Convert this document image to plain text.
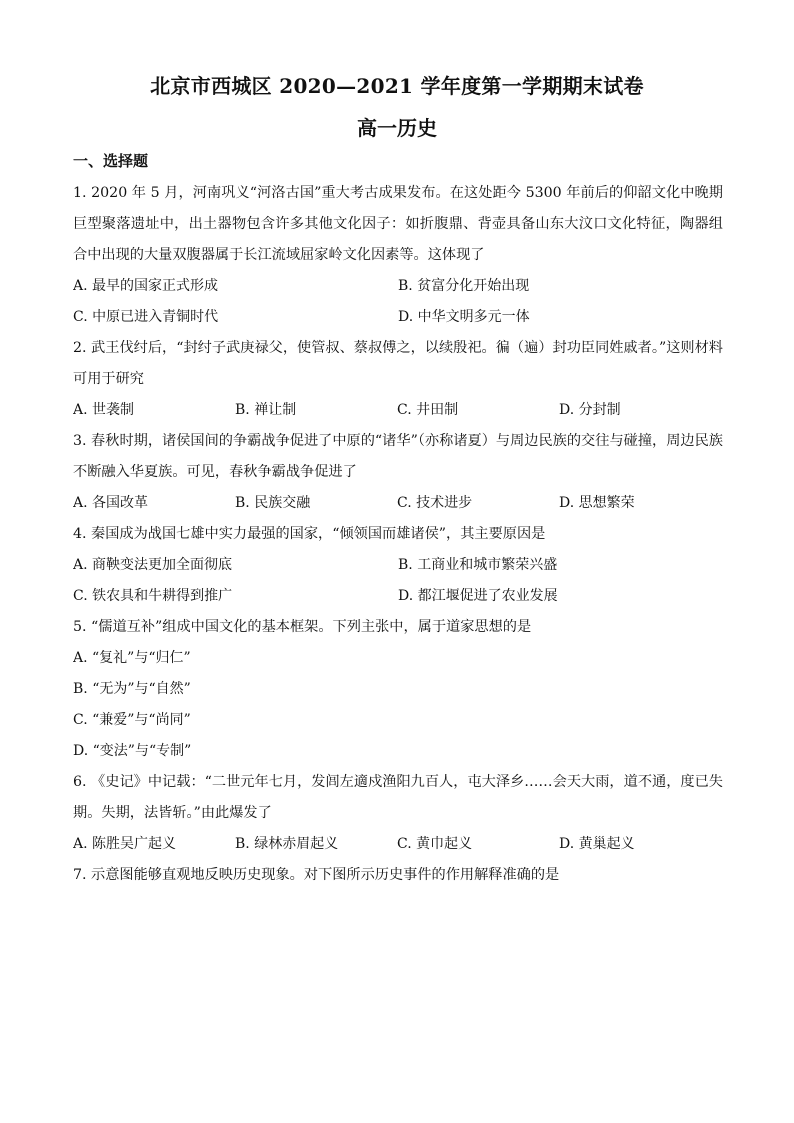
北京市西城区 2020—2021 学年度第一学期期末试卷
高一历史
一、选择题

1. 2020 年 5 月，河南巩义“河洛古国”重大考古成果发布。在这处距今 5300 年前后的仰韶文化中晚期巨型聚落遗址中，出土器物包含许多其他文化因子：如折腹鼎、背壶具备山东大汶口文化特征，陶器组合中出现的大量双腹器属于长江流域屈家岭文化因素等。这体现了

A. 最早的国家正式形成	B. 贫富分化开始出现
C. 中原已进入青铜时代	D. 中华文明多元一体

2. 武王伐纣后，“封纣子武庚禄父，使管叔、蔡叔傅之，以续殷祀。徧（遍）封功臣同姓戚者。”这则材料可用于研究

A. 世袭制	B. 禅让制	C. 井田制	D. 分封制

3. 春秋时期，诸侯国间的争霸战争促进了中原的“诸华”（亦称诸夏）与周边民族的交往与碰撞，周边民族不断融入华夏族。可见，春秋争霸战争促进了

A. 各国改革	B. 民族交融	C. 技术进步	D. 思想繁荣

4. 秦国成为战国七雄中实力最强的国家，“倾领国而雄诸侯”，其主要原因是

A. 商鞅变法更加全面彻底	B. 工商业和城市繁荣兴盛
C. 铁农具和牛耕得到推广	D. 都江堰促进了农业发展

5. “儒道互补”组成中国文化的基本框架。下列主张中，属于道家思想的是

A. “复礼”与“归仁”
B. “无为”与“自然”
C. “兼爱”与“尚同”
D. “变法”与“专制”

6. 《史记》中记载：“二世元年七月，发闾左適戍渔阳九百人，屯大泽乡……会天大雨，道不通，度已失期。失期，法皆斩。”由此爆发了

A. 陈胜吴广起义	B. 绿林赤眉起义	C. 黄巾起义	D. 黄巢起义

7. 示意图能够直观地反映历史现象。对下图所示历史事件的作用解释准确的是
